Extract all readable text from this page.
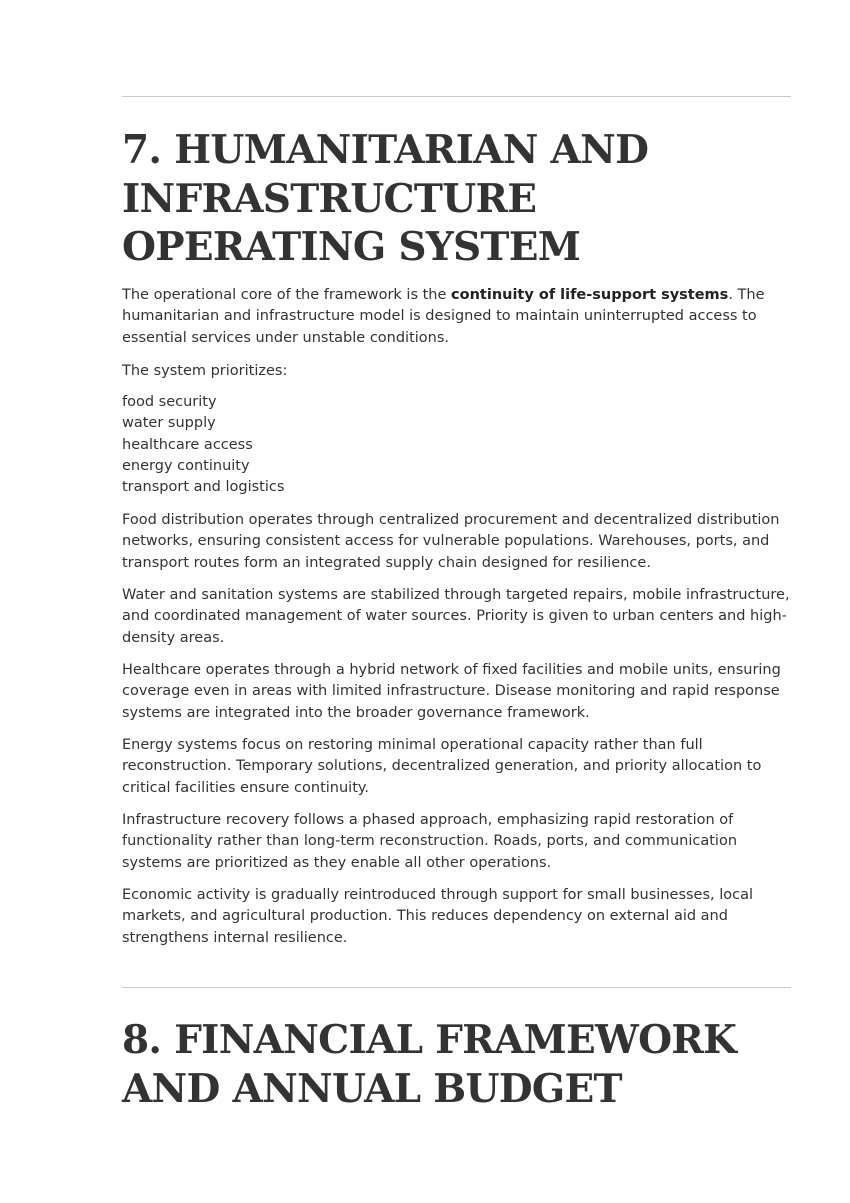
7. HUMANITARIAN AND INFRASTRUCTURE OPERATING SYSTEM

The operational core of the framework is the continuity of life-support systems. The humanitarian and infrastructure model is designed to maintain uninterrupted access to essential services under unstable conditions.

The system prioritizes:

food security
water supply
healthcare access
energy continuity
transport and logistics

Food distribution operates through centralized procurement and decentralized distribution networks, ensuring consistent access for vulnerable populations. Warehouses, ports, and transport routes form an integrated supply chain designed for resilience.

Water and sanitation systems are stabilized through targeted repairs, mobile infrastructure, and coordinated management of water sources. Priority is given to urban centers and high-density areas.

Healthcare operates through a hybrid network of fixed facilities and mobile units, ensuring coverage even in areas with limited infrastructure. Disease monitoring and rapid response systems are integrated into the broader governance framework.

Energy systems focus on restoring minimal operational capacity rather than full reconstruction. Temporary solutions, decentralized generation, and priority allocation to critical facilities ensure continuity.

Infrastructure recovery follows a phased approach, emphasizing rapid restoration of functionality rather than long-term reconstruction. Roads, ports, and communication systems are prioritized as they enable all other operations.

Economic activity is gradually reintroduced through support for small businesses, local markets, and agricultural production. This reduces dependency on external aid and strengthens internal resilience.

8. FINANCIAL FRAMEWORK AND ANNUAL BUDGET
